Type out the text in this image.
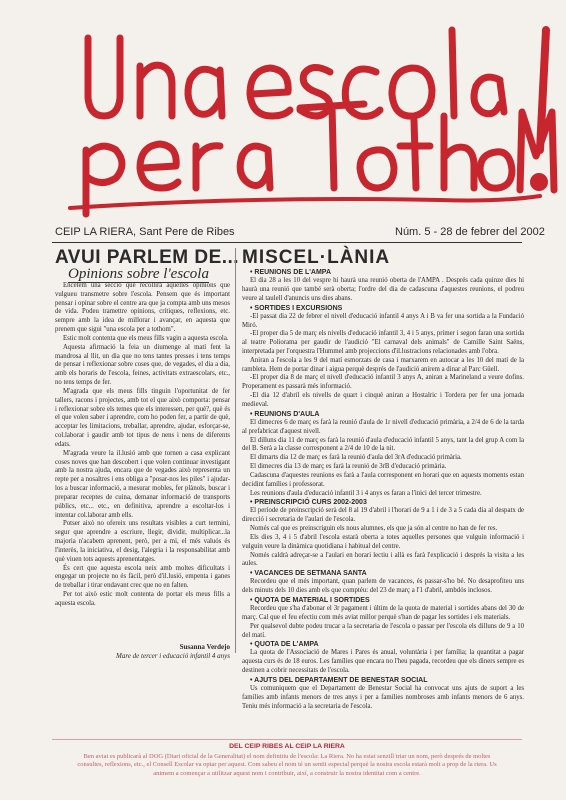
CEIP LA RIERA, Sant Pere de Ribes	Núm. 5 - 28 de febrer del 2002
AVUI PARLEM DE...
Opinions sobre l'escola

Encetem una secció que recollirà aquelles opinions que vulgueu transmetre sobre l'escola. Pensem que és important pensar i opinar sobre el centre ara que ja compta amb uns mesos de vida. Podeu tramettre opinions, crítiques, reflexions, etc. sempre amb la idea de millorar i avançar, en aquesta que prenem que sigui "una escola per a tothom".

Estic molt contenta que els meus fills vagin a aquesta escola.

Aquesta afirmació la feia un diumenge al matí fent la mandrosa al llit, un dia que no tens tantes presses i tens temps de pensar i reflexionar sobre coses que, de vegades, el dia a dia, amb els horaris de l'escola, feines, activitats extraescolars, etc., no tens temps de fer.

M'agrada que els meus fills tinguin l'oportunitat de fer tallers, racons i projectes, amb tot el que això comporta: pensar i reflexionar sobre els temes que els interessen, per què?, què és el que volen saber i aprendre, com ho poden fer, a partir de què, acceptar les limitacions, treballar, aprendre, ajudar, esforçar-se, col.laborar i gaudir amb tot tipus de nens i nens de diferents edats.

M'agrada veure la il.lusió amb que tornen a casa explicant coses noves que han descobert i que volen continuar investigant amb la nostra ajuda, encara que de vegades això representa un repte per a nosaltres i ens obliga a "posar-nos les piles" i ajudar-los a buscar informació, a mesurar mobles, fer plànols, buscar i preparar receptes de cuina, demanar informació de transports públics, etc... etc., en definitiva, aprendre a escoltar-los i intentar col.laborar amb ells.

Potser això no ofereix uns resultats visibles a curt termini, segur que aprendre a escriure, llegir, dividir, multiplicar...la majoria n'acabem aprenent, però, per a mi, el més valuós és l'interès, la iniciativa, el desig, l'alegria i la responsabilitat amb què viuen tots aquests aprenentatges.

És cert que aquesta escola neix amb moltes dificultats i engegar un projecte no és fàcil, però d'il.lusió, empenta i ganes de treballar i tirar endavant crec que no en falten.

Per tot això estic molt contenta de portar els meus fills a aquesta escola.

Susanna Verdejo
Mare de tercer i educació infantil 4 anys
MISCEL·LÀNIA
• REUNIONS DE L'AMPA
El dia 28 a les 10 del vespre hi haurà una reunió oberta de l'AMPA . Després cada quinze dies hi haurà una reunió que també serà oberta; l'ordre del dia de cadascuna d'aquestes reunions, el podreu veure al taulell d'anuncis uns dies abans.
• SORTIDES I EXCURSIONS
-El passat dia 22 de febrer el nivell d'educació infantil 4 anys A i B va fer una sortida a la Fundació Miró.
-El proper dia 5 de març els nivells d'educació infantil 3, 4 i 5 anys, primer i segon faran una sortida al teatre Poliorama per gaudir de l'audició "El carnaval dels animals" de Camille Saint Saëns, interpretada per l'orquestra l'Hummel amb projeccions d'il.lustracions relacionades amb l'obra.
Aniran a l'escola a les 9 del matí esmorzats de casa i marxarem en autocar a les 10 del matí de la rambleta. Hem de portar dinar i aigua perquè després de l'audició anirem a dinar al Parc Güell.
-El proper dia 8 de març el nivell d'educació infantil 3 anys A, aniran a Marineland a veure dofins. Properament es passarà més informació.
-El dia 12 d'abril els nivells de quart i cinquè aniran a Hostalric i Tordera per fer una jornada medieval.
• REUNIONS D'AULA
El dimecres 6 de març es farà la reunió d'aula de 1r nivell d'educació primària, a 2/4 de 6 de la tarda al prefabricat d'aquest nivell.
El dilluns dia 11 de març es farà la reunió d'aula d'educació infantil 5 anys, tant la del grup A com la del B. Serà a la classe corresponent a 2/4 de 10 de la nit.
El dimarts dia 12 de març es farà la reunió d'aula del 3rA d'educació primària.
El dimecres dia 13 de març es farà la reunió de 3rB d'educació primària.
Cadascuna d'aquestes reunions es farà a l'aula corresponent en horari que en aquests moments estan decidint famílies i professorat.
Les reunions d'aula d'educació infantil 3 i 4 anys es faran a l'inici del tercer trimestre.
• PREINSCRIPCIÓ CURS 2002-2003
El període de preinscripció serà del 8 al 19 d'abril i l'horari de 9 a 1 i de 3 a 5 cada dia al despatx de direcció i secretaria de l'aulari de l'escola.
Només cal que es preinscriguin els nous alumnes, els que ja són al centre no han de fer res.
Els dies 3, 4 i 5 d'abril l'escola estarà oberta a totes aquelles persones que vulguin informació i vulguin veure la dinàmica quotidiana i habitual del centre.
Només caldrà adreçar-se a l'aulari en horari lectiu i allà es farà l'explicació i després la visita a les aules.
• VACANCES DE SETMANA SANTA
Recordeu que el més important, quan parlem de vacances, és passar-s'ho bé. No desaprofiteu uns dels minuts dels 10 dies amb els que comptéu: del 23 de març a l'1 d'abril, ambdós inclosos.
• QUOTA DE MATERIAL I SORTIDES
Recordeu que s'ha d'abonar el 3r pagament i últim de la quota de material i sortides abans del 30 de març. Cal que el feu efectiu com més aviat millor perquè s'han de pagar les sortides i els materials.
Per qualsevol dubte podeu trucar a la secretaria de l'escola o passar per l'escola els dilluns de 9 a 10 del matí.
• QUOTA DE L'AMPA
La quota de l'Associació de Mares i Pares és anual, voluntària i per família; la quantitat a pagar aquesta curs és de 18 euros. Les famílies que encara no l'heu pagada, recordeu que els diners sempre es destinen a cobrir necessitats de l'escola.
• AJUTS DEL DEPARTAMENT DE BENESTAR SOCIAL
Us comuniquem que el Departament de Benestar Social ha convocat uns ajuts de suport a les famílies amb infants menors de tres anys i per a famílies nombroses amb infants menors de 6 anys. Teniu més informació a la secretaria de l'escola.
DEL CEIP RIBES AL CEIP LA RIERA
Ben aviat es publicarà al DOG (Diari oficial de la Generalitat) el nom definitiu de l'escola: La Riera. No ha estat senzill triar un nom, però després de moltes consultes, reflexions, etc., el Consell Escolar va optar per aquest. Com sabeu el nom té un sentit especial perquè la nostra escola estarà molt a prop de la riera. Us animem a començar a utilitzar aquest nom i contribuir, així, a construir la nostra identitat com a centre.
